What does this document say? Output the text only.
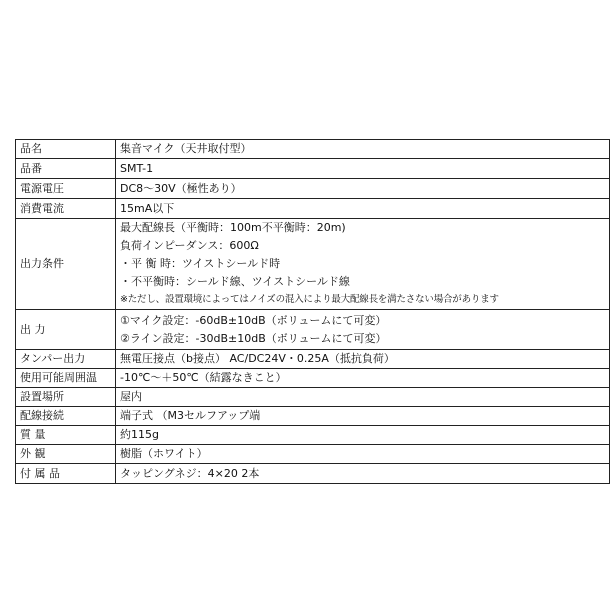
品名	集音マイク（天井取付型）
品番	SMT-1
電源電圧	DC8～30V（極性あり）
消費電流	15mA以下
出力条件	最大配線長（平衡時：100m不平衡時：20m)
負荷インピーダンス：600Ω
・平 衡 時：ツイストシールド時
・不平衡時：シールド線、ツイストシールド線
※ただし、設置環境によってはノイズの混入により最大配線長を満たさない場合があります

出 力	①マイク設定：-60dB±10dB（ボリュームにて可変）
②ライン設定：-30dB±10dB（ボリュームにて可変）

タンパー出力	無電圧接点（b接点） AC/DC24V・0.25A（抵抗負荷）
使用可能周囲温	-10℃～＋50℃（結露なきこと）
設置場所	屋内
配線接続	端子式 （M3セルフアップ端
質 量	約115g
外 観	樹脂（ホワイト）
付 属 品	タッピングネジ：4×20 2本
